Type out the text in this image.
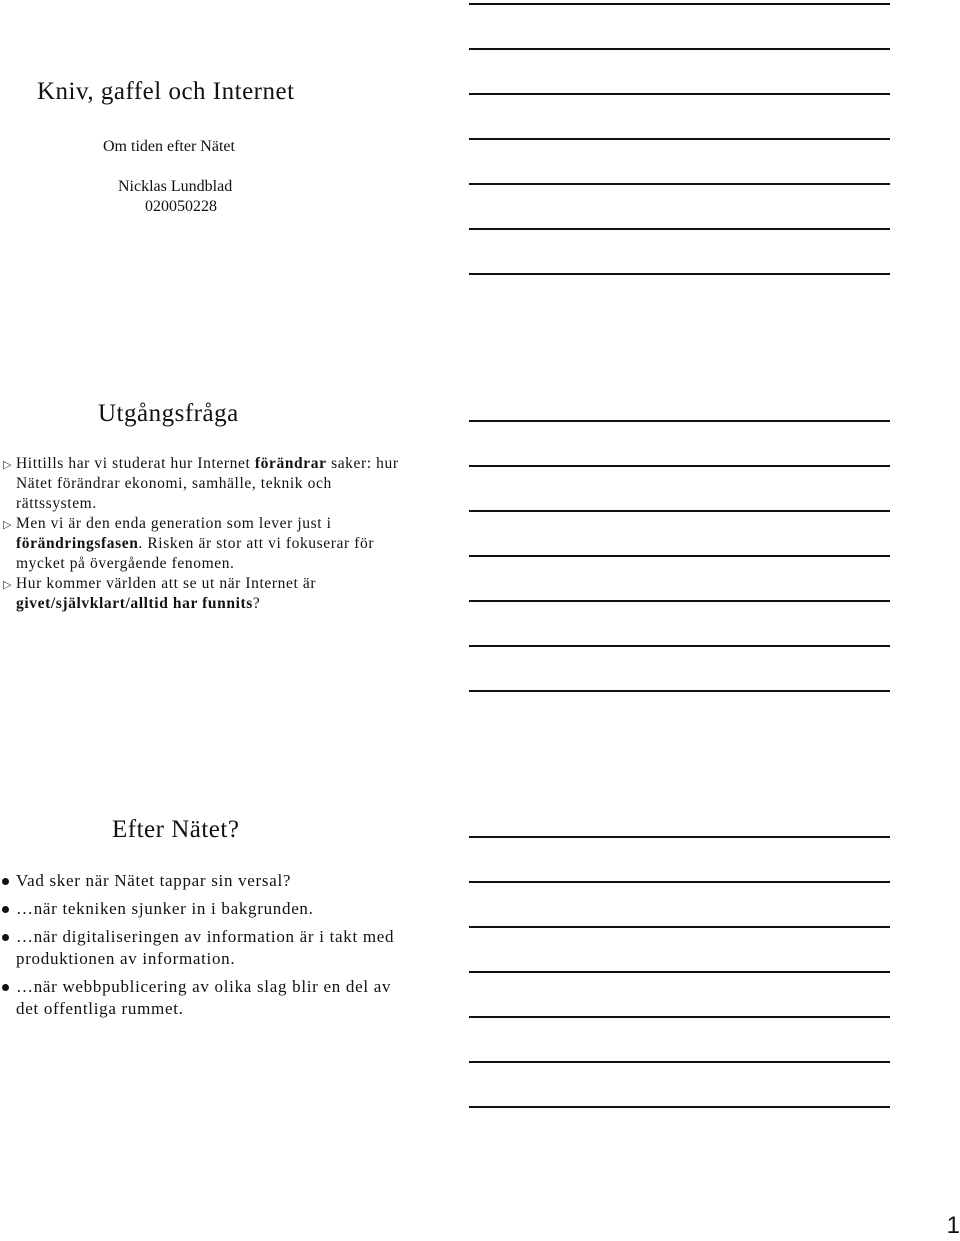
Kniv, gaffel och Internet
Om tiden efter Nätet
Nicklas Lundblad
020050228
Utgångsfråga
▷ Hittills har vi studerat hur Internet förändrar saker: hur Nätet förändrar ekonomi, samhälle, teknik och rättssystem.
▷ Men vi är den enda generation som lever just i förändringsfasen. Risken är stor att vi fokuserar för mycket på övergående fenomen.
▷ Hur kommer världen att se ut när Internet är givet/självklart/alltid har funnits?
Efter Nätet?
Vad sker när Nätet tappar sin versal?
…när tekniken sjunker in i bakgrunden.
…när digitaliseringen av information är i takt med produktionen av information.
…när webbpublicering av olika slag blir en del av det offentliga rummet.
1
